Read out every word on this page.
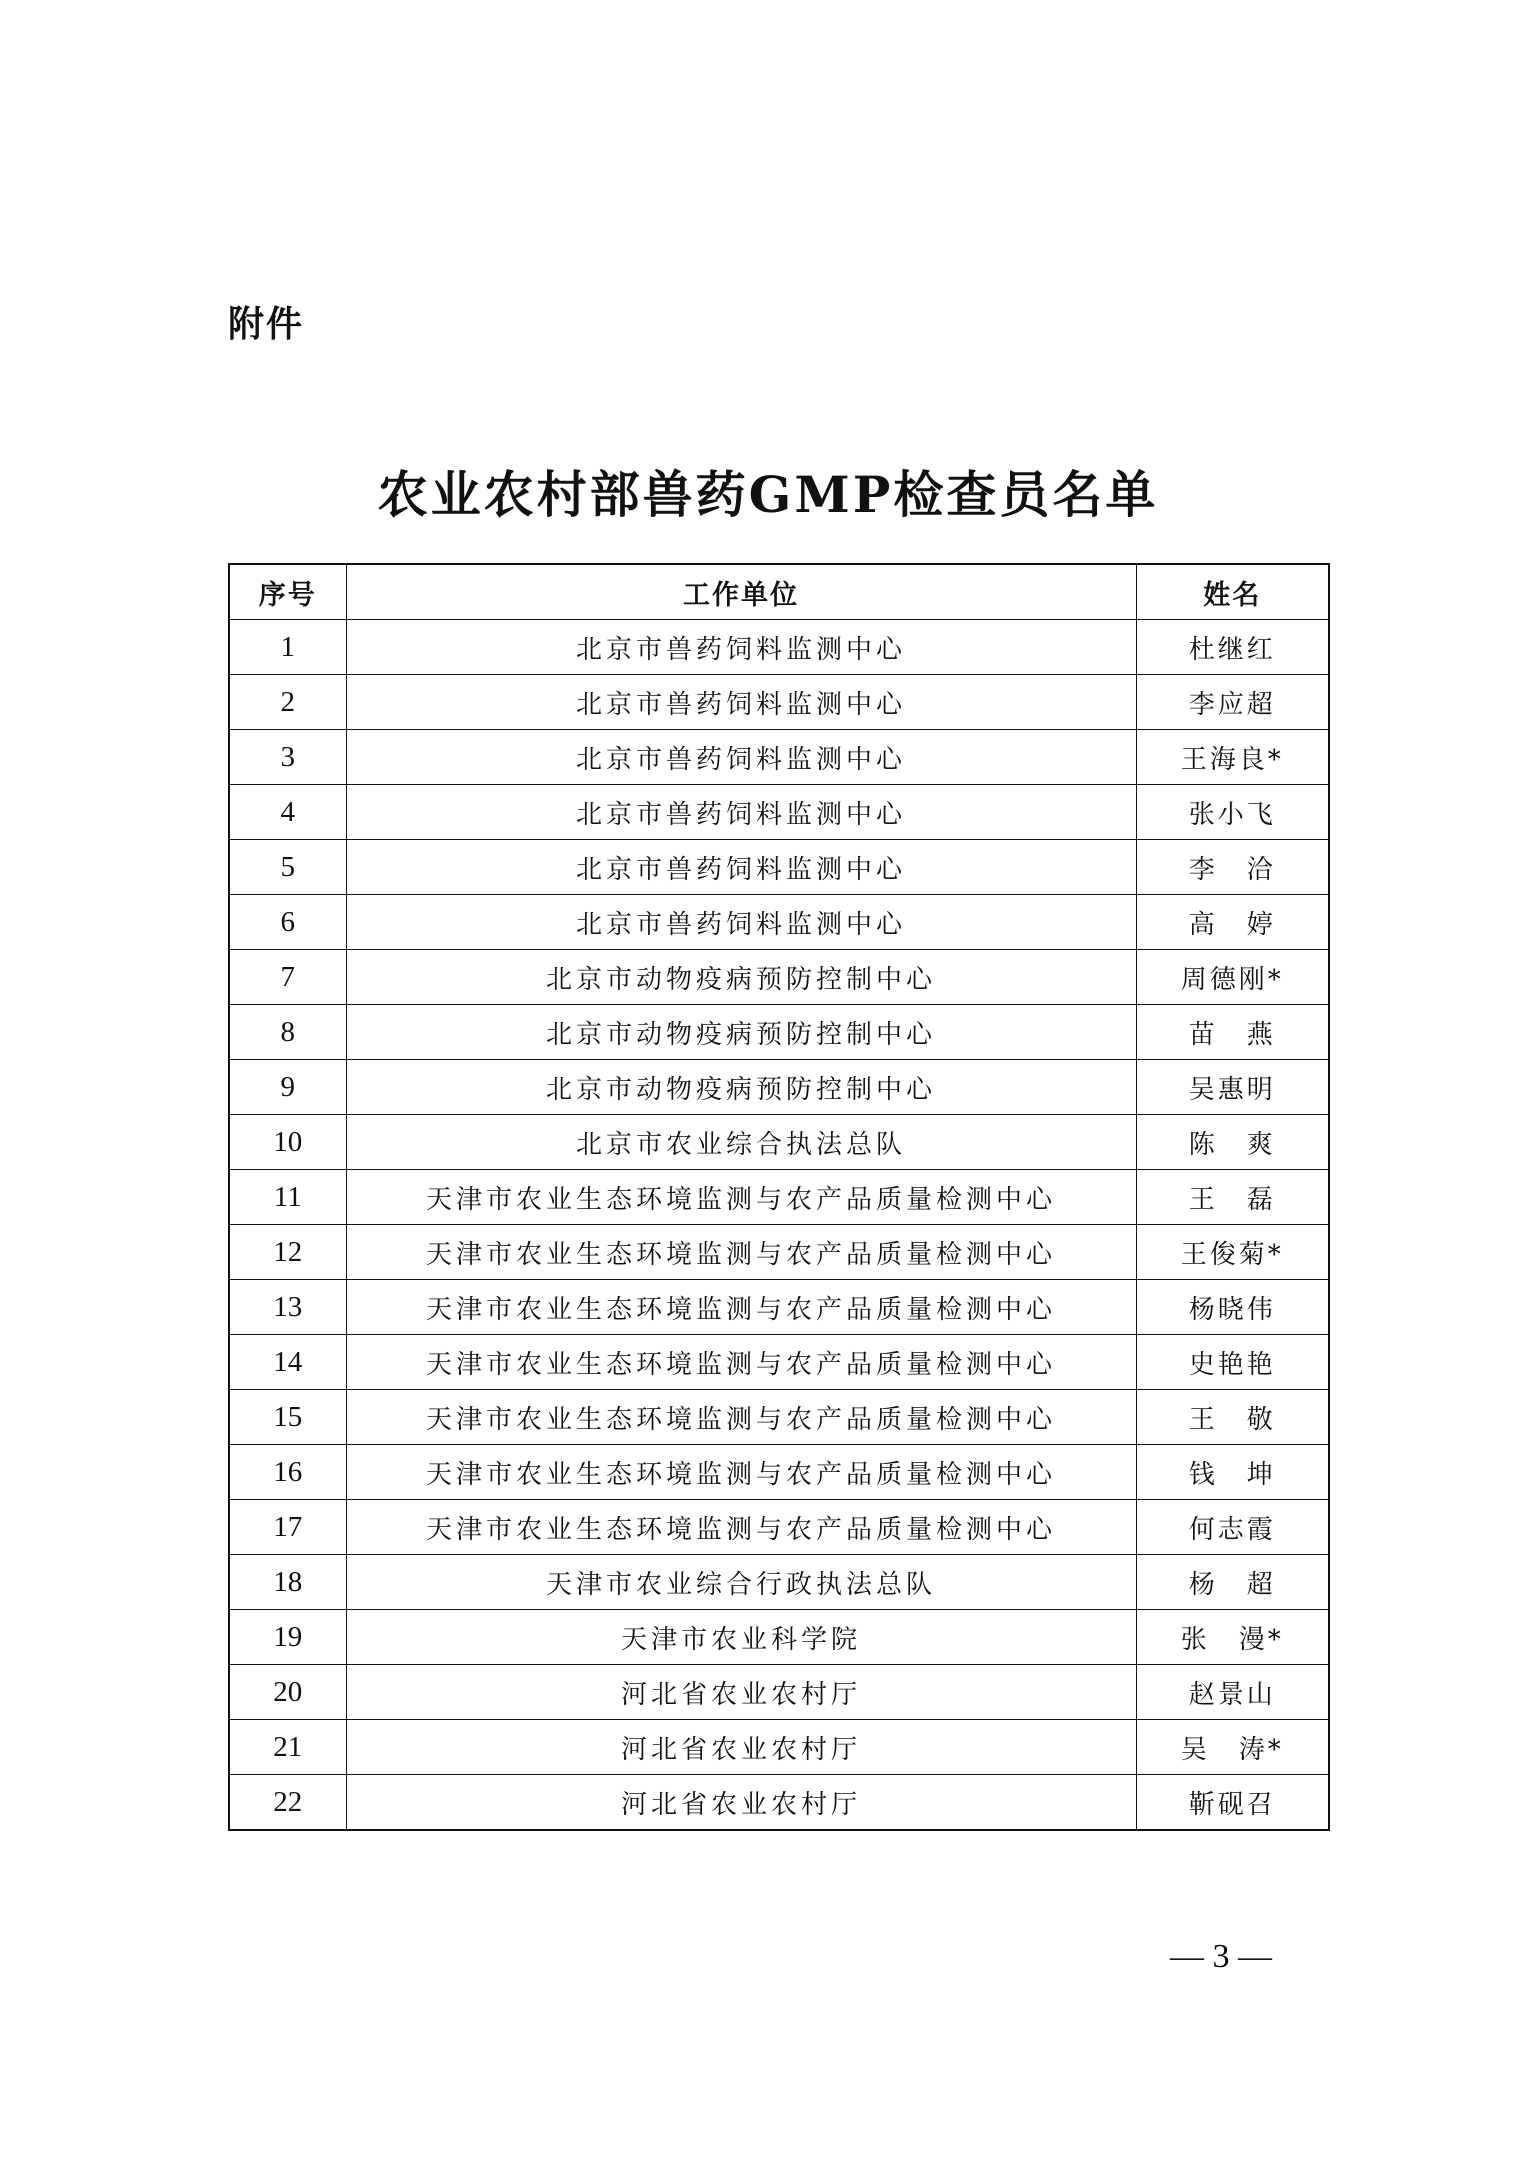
附件
农业农村部兽药GMP检查员名单
序号	工作单位	姓名
1	北京市兽药饲料监测中心	杜继红
2	北京市兽药饲料监测中心	李应超
3	北京市兽药饲料监测中心	王海良*
4	北京市兽药饲料监测中心	张小飞
5	北京市兽药饲料监测中心	李　洽
6	北京市兽药饲料监测中心	高　婷
7	北京市动物疫病预防控制中心	周德刚*
8	北京市动物疫病预防控制中心	苗　燕
9	北京市动物疫病预防控制中心	吴惠明
10	北京市农业综合执法总队	陈　爽
11	天津市农业生态环境监测与农产品质量检测中心	王　磊
12	天津市农业生态环境监测与农产品质量检测中心	王俊菊*
13	天津市农业生态环境监测与农产品质量检测中心	杨晓伟
14	天津市农业生态环境监测与农产品质量检测中心	史艳艳
15	天津市农业生态环境监测与农产品质量检测中心	王　敬
16	天津市农业生态环境监测与农产品质量检测中心	钱　坤
17	天津市农业生态环境监测与农产品质量检测中心	何志霞
18	天津市农业综合行政执法总队	杨　超
19	天津市农业科学院	张　漫*
20	河北省农业农村厅	赵景山
21	河北省农业农村厅	吴　涛*
22	河北省农业农村厅	靳砚召
— 3 —
